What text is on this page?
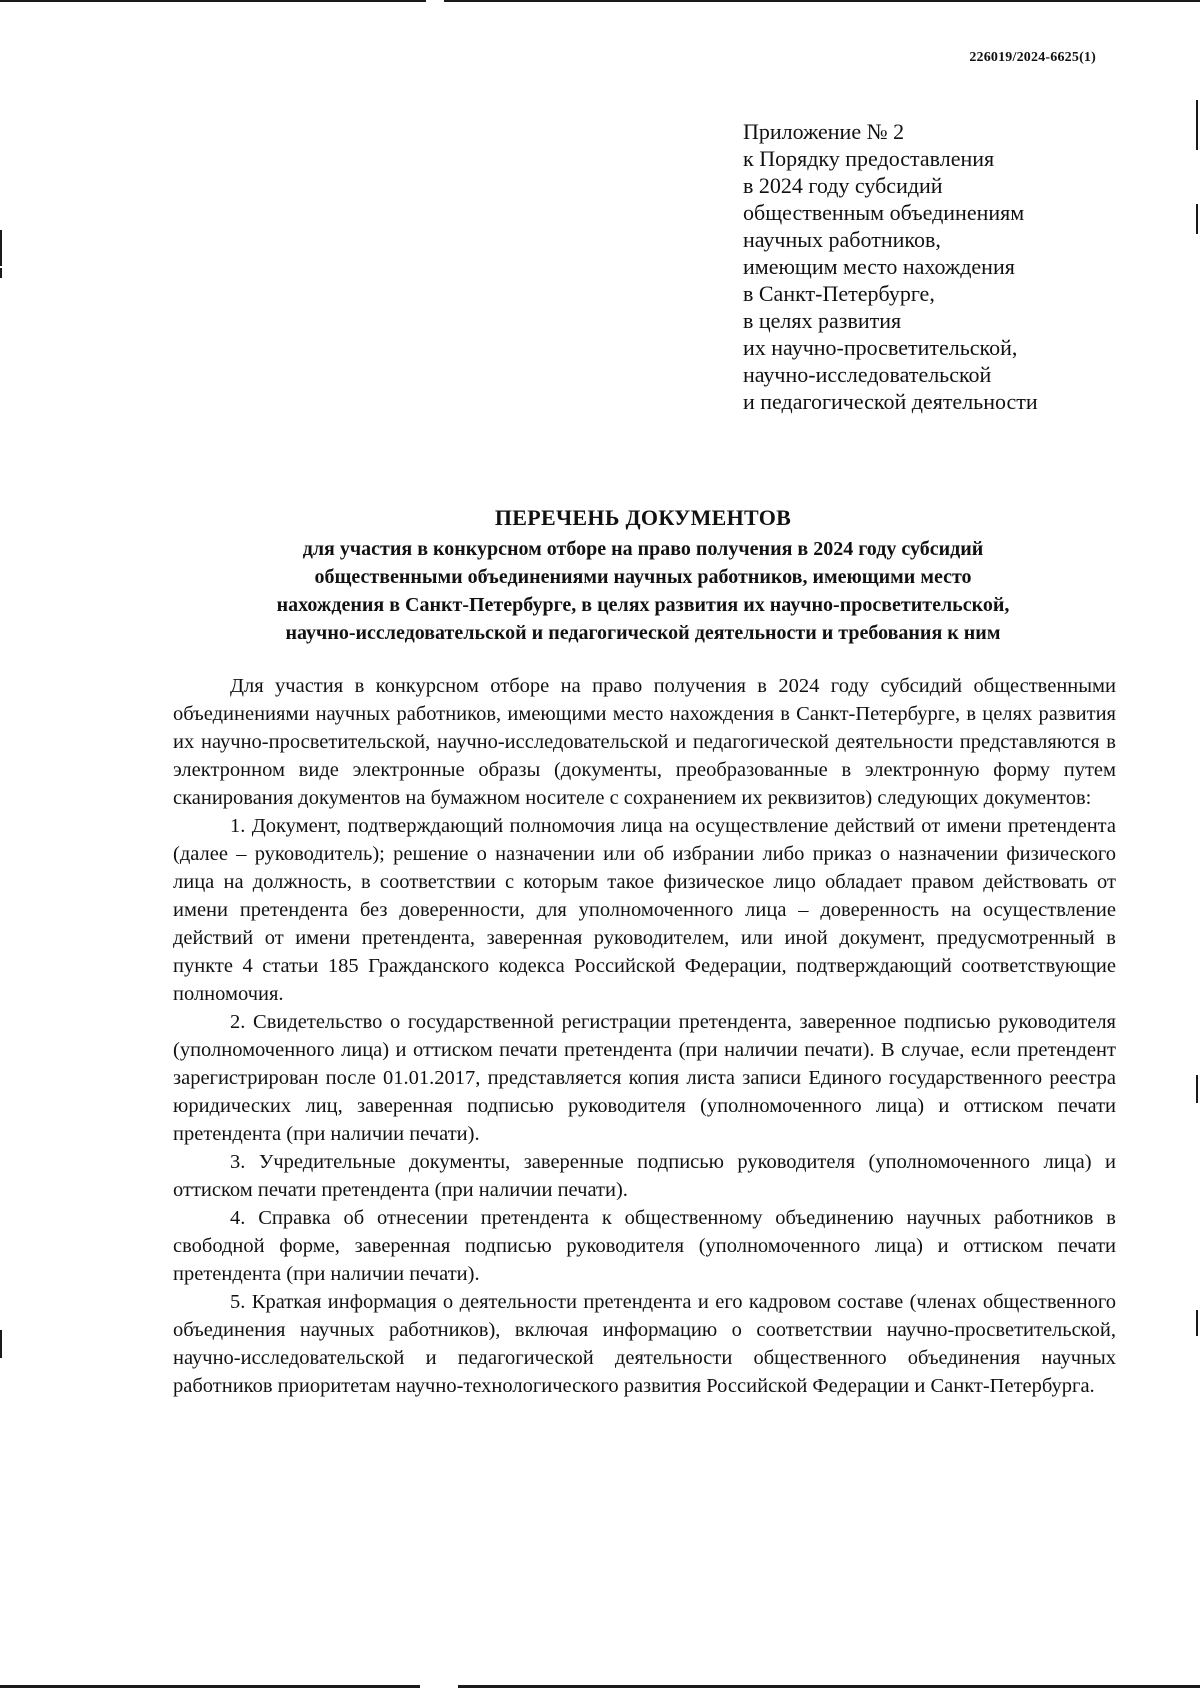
226019/2024-6625(1)
Приложение № 2
к Порядку предоставления
в 2024 году субсидий
общественным объединениям
научных работников,
имеющим место нахождения
в Санкт-Петербурге,
в целях развития
их научно-просветительской,
научно-исследовательской
и педагогической деятельности
ПЕРЕЧЕНЬ ДОКУМЕНТОВ
для участия в конкурсном отборе на право получения в 2024 году субсидий
общественными объединениями научных работников, имеющими место
нахождения в Санкт-Петербурге, в целях развития их научно-просветительской,
научно-исследовательской и педагогической деятельности и требования к ним

Для участия в конкурсном отборе на право получения в 2024 году субсидий общественными объединениями научных работников, имеющими место нахождения в Санкт-Петербурге, в целях развития их научно-просветительской, научно-исследовательской и педагогической деятельности представляются в электронном виде электронные образы (документы, преобразованные в электронную форму путем сканирования документов на бумажном носителе с сохранением их реквизитов) следующих документов:

1. Документ, подтверждающий полномочия лица на осуществление действий от имени претендента (далее – руководитель); решение о назначении или об избрании либо приказ о назначении физического лица на должность, в соответствии с которым такое физическое лицо обладает правом действовать от имени претендента без доверенности, для уполномоченного лица – доверенность на осуществление действий от имени претендента, заверенная руководителем, или иной документ, предусмотренный в пункте 4 статьи 185 Гражданского кодекса Российской Федерации, подтверждающий соответствующие полномочия.

2. Свидетельство о государственной регистрации претендента, заверенное подписью руководителя (уполномоченного лица) и оттиском печати претендента (при наличии печати). В случае, если претендент зарегистрирован после 01.01.2017, представляется копия листа записи Единого государственного реестра юридических лиц, заверенная подписью руководителя (уполномоченного лица) и оттиском печати претендента (при наличии печати).

3. Учредительные документы, заверенные подписью руководителя (уполномоченного лица) и оттиском печати претендента (при наличии печати).

4. Справка об отнесении претендента к общественному объединению научных работников в свободной форме, заверенная подписью руководителя (уполномоченного лица) и оттиском печати претендента (при наличии печати).

5. Краткая информация о деятельности претендента и его кадровом составе (членах общественного объединения научных работников), включая информацию о соответствии научно-просветительской, научно-исследовательской и педагогической деятельности общественного объединения научных работников приоритетам научно-технологического развития Российской Федерации и Санкт-Петербурга.
